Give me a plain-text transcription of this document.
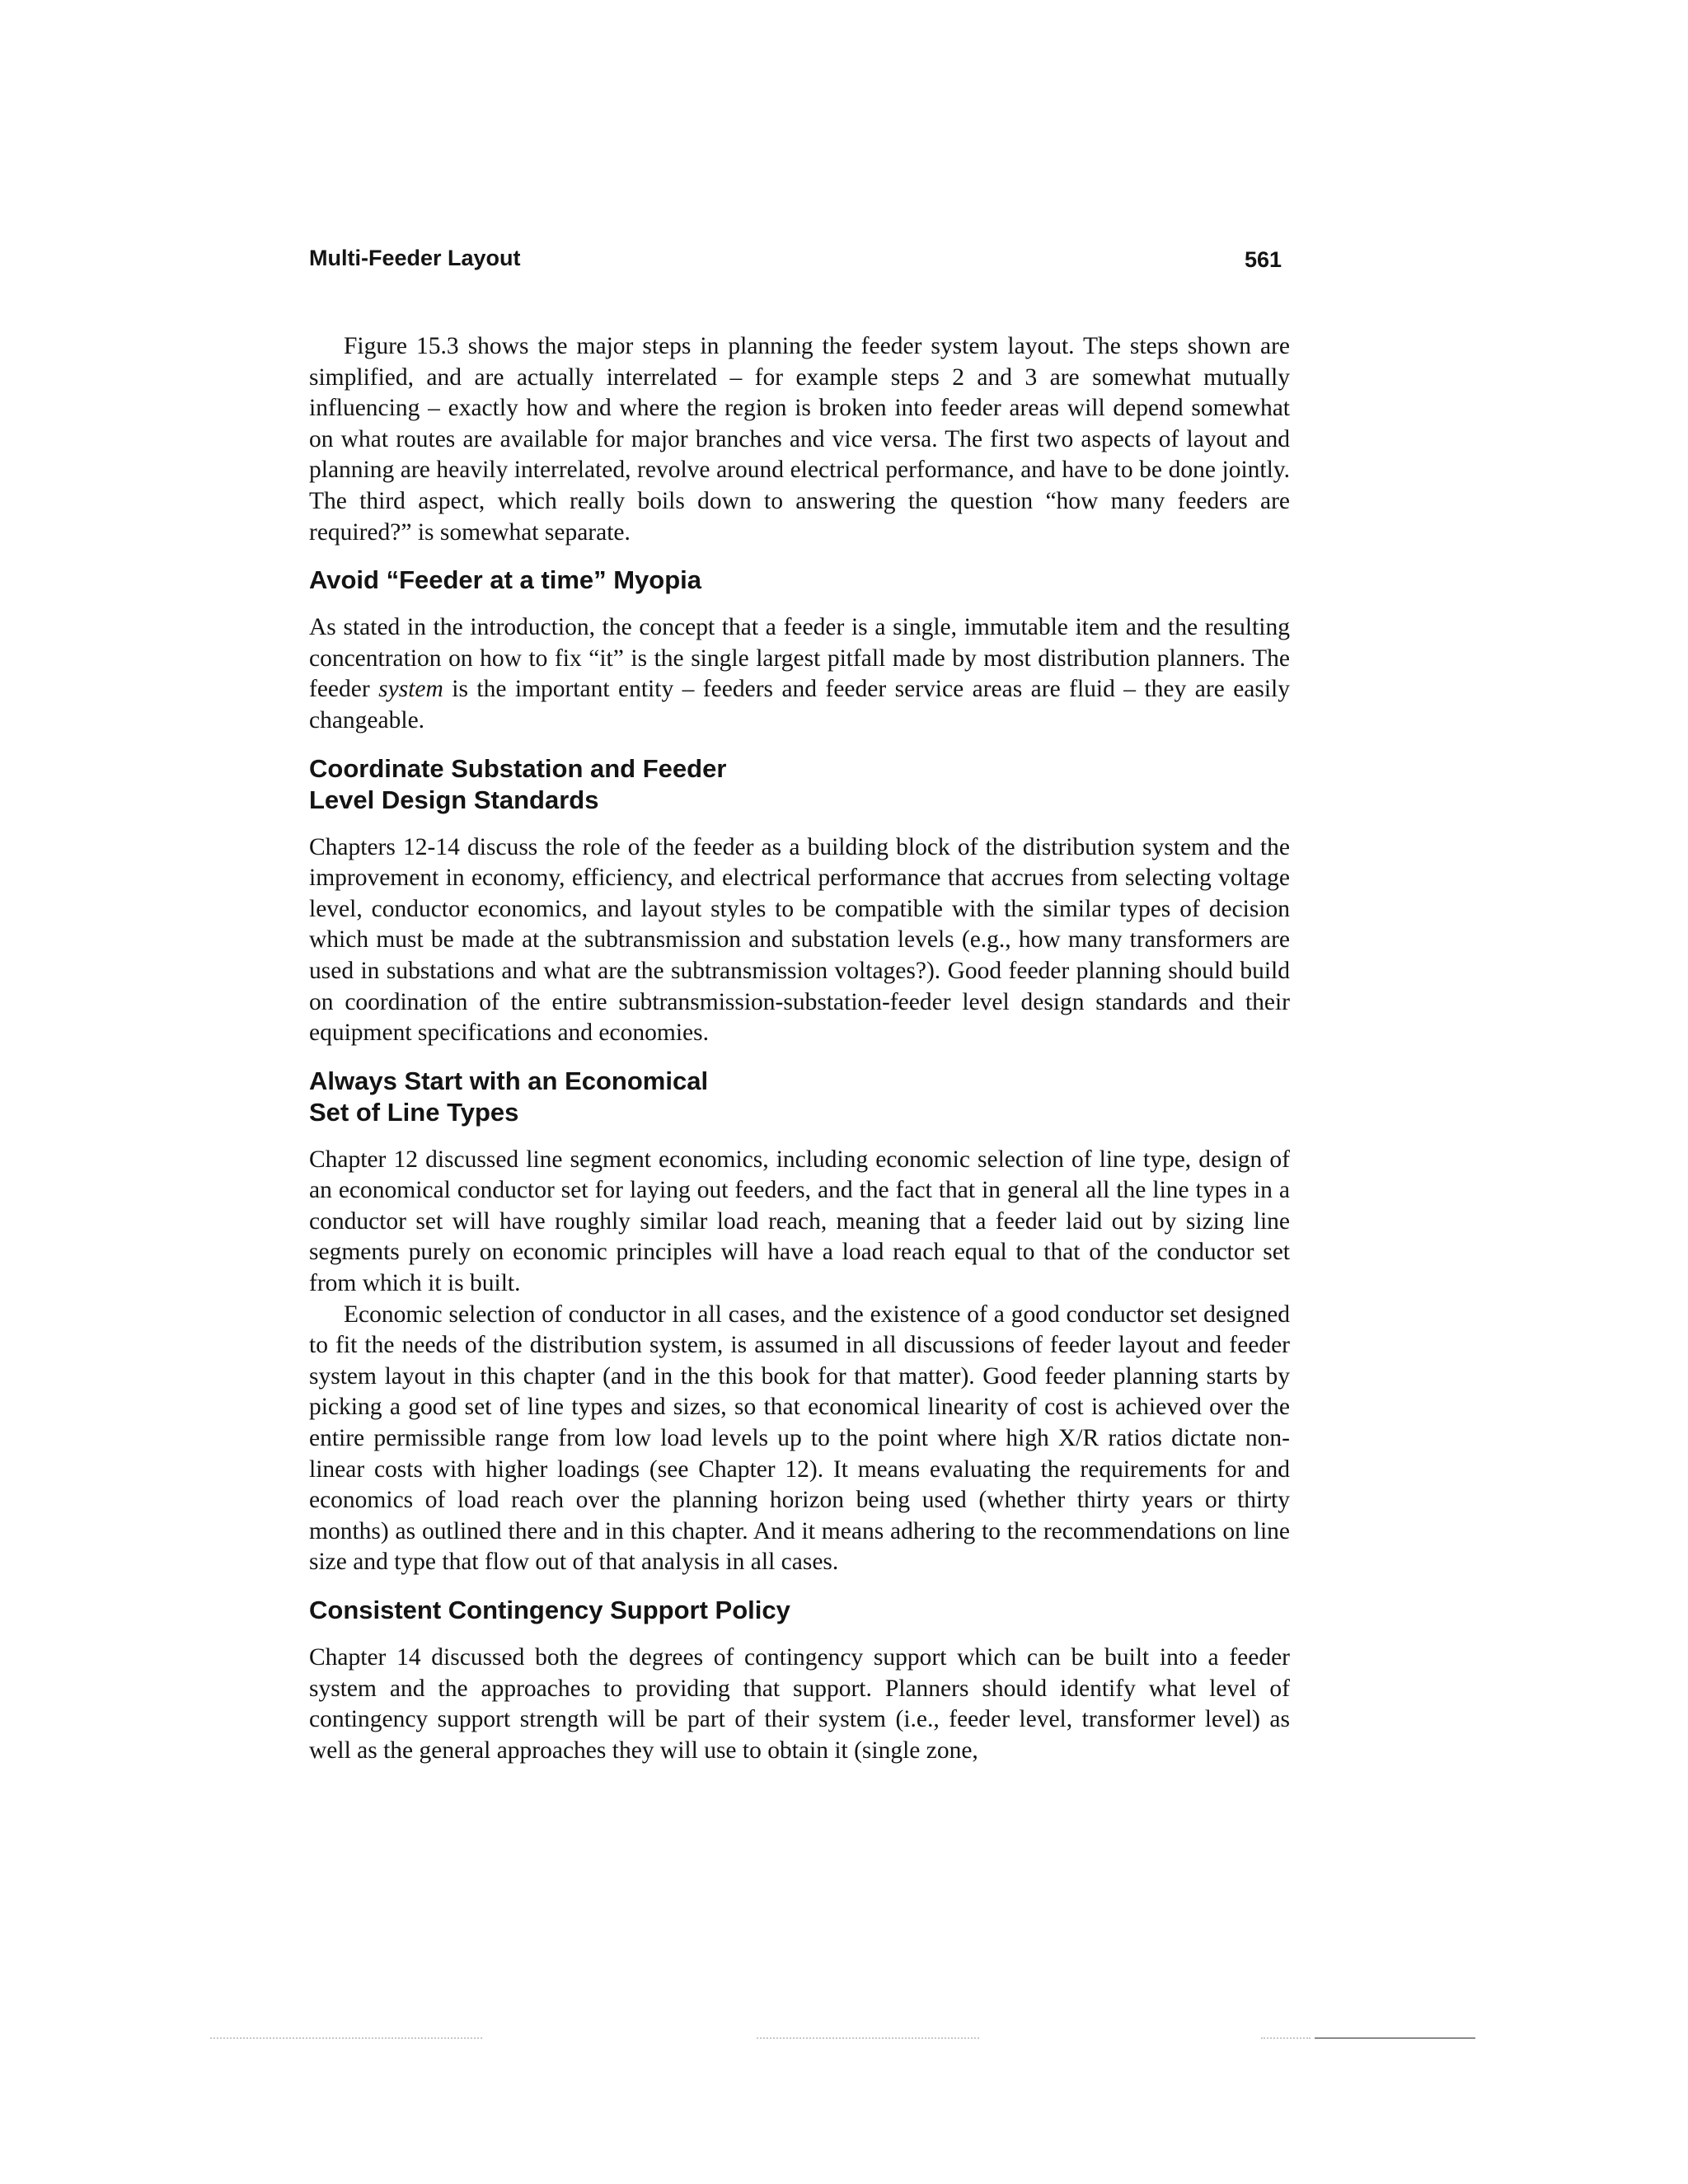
Multi-Feeder Layout	561

Figure 15.3 shows the major steps in planning the feeder system layout. The steps shown are simplified, and are actually interrelated – for example steps 2 and 3 are somewhat mutually influencing – exactly how and where the region is broken into feeder areas will depend somewhat on what routes are available for major branches and vice versa. The first two aspects of layout and planning are heavily interrelated, revolve around electrical performance, and have to be done jointly. The third aspect, which really boils down to answering the question “how many feeders are required?” is somewhat separate.

Avoid “Feeder at a time” Myopia

As stated in the introduction, the concept that a feeder is a single, immutable item and the resulting concentration on how to fix “it” is the single largest pitfall made by most distribution planners. The feeder system is the important entity – feeders and feeder service areas are fluid – they are easily changeable.

Coordinate Substation and Feeder
Level Design Standards

Chapters 12-14 discuss the role of the feeder as a building block of the distribution system and the improvement in economy, efficiency, and electrical performance that accrues from selecting voltage level, conductor economics, and layout styles to be compatible with the similar types of decision which must be made at the subtransmission and substation levels (e.g., how many transformers are used in substations and what are the subtransmission voltages?). Good feeder planning should build on coordination of the entire subtransmission-substation-feeder level design standards and their equipment specifications and economies.

Always Start with an Economical
Set of Line Types

Chapter 12 discussed line segment economics, including economic selection of line type, design of an economical conductor set for laying out feeders, and the fact that in general all the line types in a conductor set will have roughly similar load reach, meaning that a feeder laid out by sizing line segments purely on economic principles will have a load reach equal to that of the conductor set from which it is built.

Economic selection of conductor in all cases, and the existence of a good conductor set designed to fit the needs of the distribution system, is assumed in all discussions of feeder layout and feeder system layout in this chapter (and in the this book for that matter). Good feeder planning starts by picking a good set of line types and sizes, so that economical linearity of cost is achieved over the entire permissible range from low load levels up to the point where high X/R ratios dictate non-linear costs with higher loadings (see Chapter 12). It means evaluating the requirements for and economics of load reach over the planning horizon being used (whether thirty years or thirty months) as outlined there and in this chapter. And it means adhering to the recommendations on line size and type that flow out of that analysis in all cases.

Consistent Contingency Support Policy

Chapter 14 discussed both the degrees of contingency support which can be built into a feeder system and the approaches to providing that support. Planners should identify what level of contingency support strength will be part of their system (i.e., feeder level, transformer level) as well as the general approaches they will use to obtain it (single zone,
